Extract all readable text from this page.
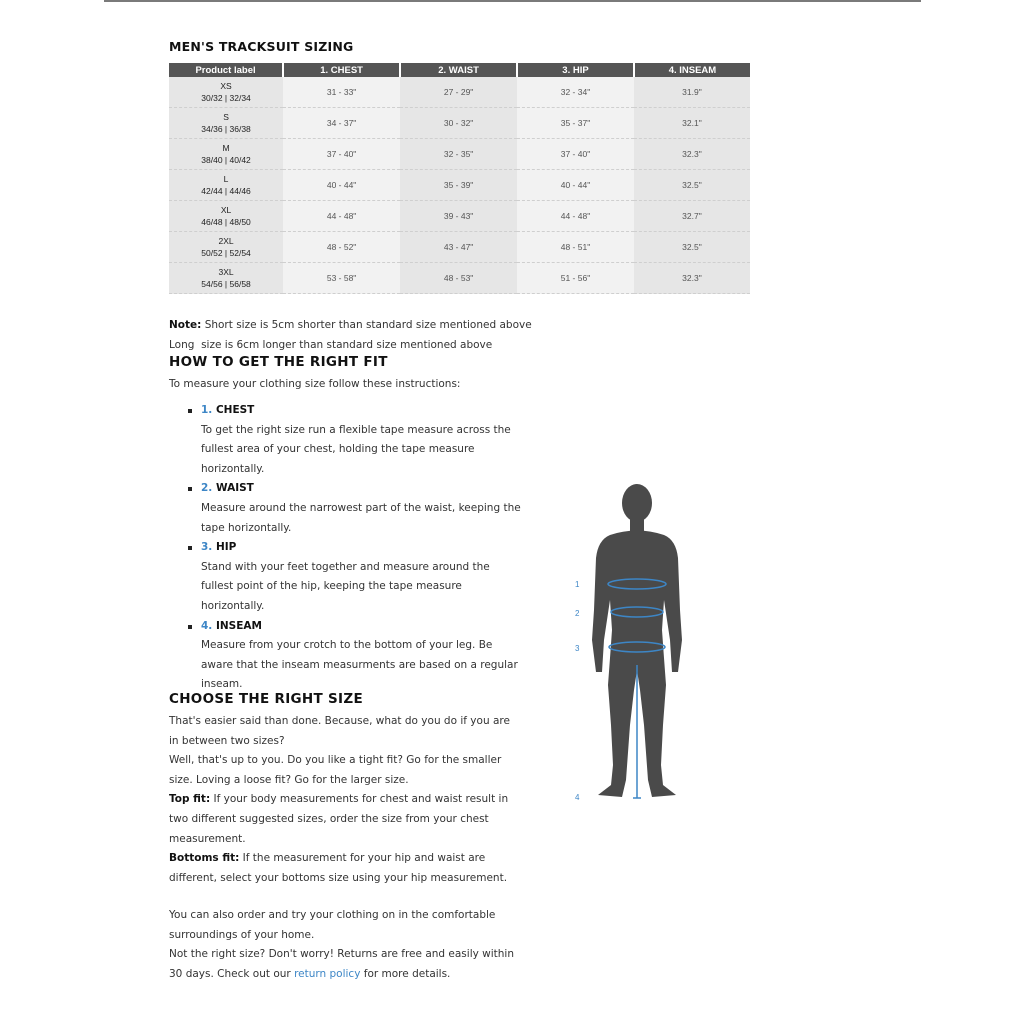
MEN'S TRACKSUIT SIZING
Product label	1. CHEST	2. WAIST	3. HIP	4. INSEAM

XS
30/32 | 32/34	31 - 33"	27 - 29"	32 - 34"	31.9"

S
34/36 | 36/38	34 - 37"	30 - 32"	35 - 37"	32.1"

M
38/40 | 40/42	37 - 40"	32 - 35"	37 - 40"	32.3"

L
42/44 | 44/46	40 - 44"	35 - 39"	40 - 44"	32.5"

XL
46/48 | 48/50	44 - 48"	39 - 43"	44 - 48"	32.7"

2XL
50/52 | 52/54	48 - 52"	43 - 47"	48 - 51"	32.5"

3XL
54/56 | 56/58	53 - 58"	48 - 53"	51 - 56"	32.3"
Note: Short size is 5cm shorter than standard size mentioned above
Long  size is 6cm longer than standard size mentioned above
HOW TO GET THE RIGHT FIT
To measure your clothing size follow these instructions:
1. CHEST
To get the right size run a flexible tape measure across the fullest area of your chest, holding the tape measure horizontally.
2. WAIST
Measure around the narrowest part of the waist, keeping the tape horizontally.
3. HIP
Stand with your feet together and measure around the fullest point of the hip, keeping the tape measure horizontally.
4. INSEAM
Measure from your crotch to the bottom of your leg. Be aware that the inseam measurments are based on a regular inseam.
CHOOSE THE RIGHT SIZE
That's easier said than done. Because, what do you do if you are in between two sizes?
Well, that's up to you. Do you like a tight fit? Go for the smaller size. Loving a loose fit? Go for the larger size.
Top fit: If your body measurements for chest and waist result in two different suggested sizes, order the size from your chest measurement.
Bottoms fit: If the measurement for your hip and waist are different, select your bottoms size using your hip measurement.
You can also order and try your clothing on in the comfortable surroundings of your home.
Not the right size? Don't worry! Returns are free and easily within 30 days. Check out our return policy for more details.
1
2
3
4
